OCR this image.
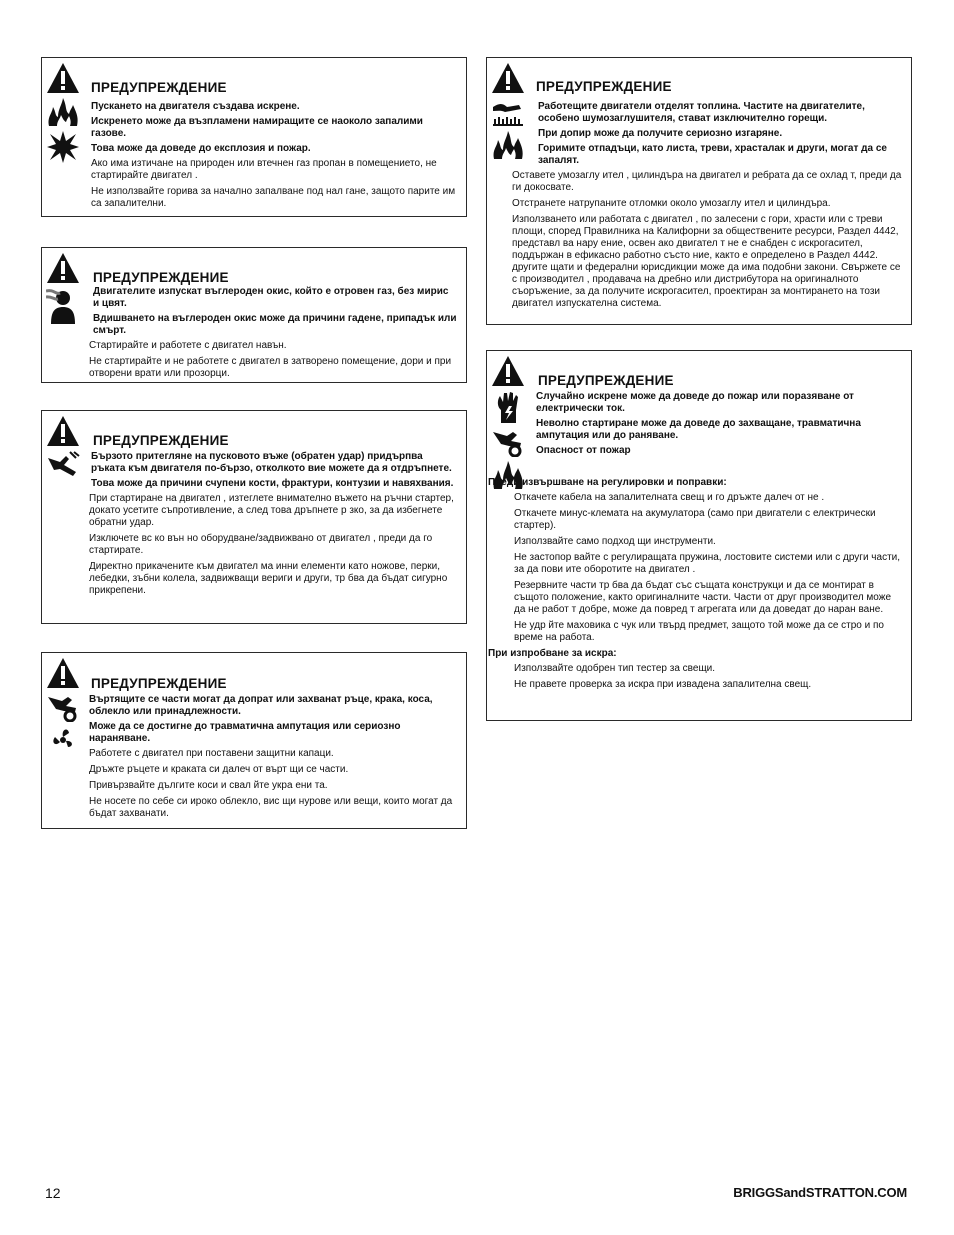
ПРЕДУПРЕЖДЕНИЕ

Пускането на двигателя създава искрене.

Искренето може да възпламени намиращите се наоколо запалими газове.

Това може да доведе до експлозия и пожар.

Ако има изтичане на природен или втечнен газ пропан в помещението, не стартирайте двигател .

Не използвайте горива за начално запалване под нал гане, защото парите им са запалителни.

ПРЕДУПРЕЖДЕНИЕ

Двигателите изпускат въглероден окис, който е отровен газ, без мирис и цвят.

Вдишването на въглероден окис може да причини гадене, припадък или смърт.

Стартирайте и работете с двигател навън.

Не стартирайте и не работете с двигател в затворено помещение, дори и при отворени врати или прозорци.

ПРЕДУПРЕЖДЕНИЕ

Бързото притегляне на пусковото въже (обратен удар) придърпва ръката към двигателя по-бързо, отколкото вие можете да я отдръпнете.

Това може да причини счупени кости, фрактури, контузии и навяхвания.

При стартиране на двигател , изтеглете внимателно въжето на ръчни стартер, докато усетите съпротивление, а след това дръпнете р зко, за да избегнете обратни удар.

Изключете вс ко вън но оборудване/задвижвано от двигател , преди да го стартирате.

Директно прикачените към двигател ма инни елементи като ножове, перки, лебедки, зъбни колела, задвижващи вериги и други, тр бва да бъдат сигурно прикрепени.

ПРЕДУПРЕЖДЕНИЕ

Въртящите се части могат да допрат или захванат ръце, крака, коса, облекло или принадлежности.

Може да се достигне до травматична ампутация или сериозно нараняване.

Работете с двигател при поставени защитни капаци.

Дръжте ръцете и краката си далеч от върт щи се части.

Привързвайте дългите коси и свал йте укра ени та.

Не носете по себе си ироко облекло, вис щи нурове или вещи, които могат да бъдат захванати.

ПРЕДУПРЕЖДЕНИЕ

Работещите двигатели отделят топлина. Частите на двигателите, особено шумозаглушителя, стават изключително горещи.

При допир може да получите сериозно изгаряне.

Горимите отпадъци, като листа, треви, храсталак и други, могат да се запалят.

Оставете умозаглу ител , цилиндъра на двигател и ребрата да се охлад т, преди да ги докосвате.

Отстранете натрупаните отломки около умозаглу ител и цилиндъра.

Използването или работата с двигател , по залесени с гори, храсти или с треви площи, според Правилника на Калифорни за обществените ресурси, Раздел 4442, представл ва нару ение, освен ако двигател т не е снабден с искрогасител, поддържан в ефикасно работно състо ние, както е определено в Раздел 4442. другите щати и федерални юрисдикции може да има подобни закони. Свържете се с производител , продавача на дребно или дистрибутора на оригиналното съоръжение, за да получите искрогасител, проектиран за монтирането на този двигател изпускателна система.

ПРЕДУПРЕЖДЕНИЕ

Случайно искрене може да доведе до пожар или поразяване от електрически ток.

Неволно стартиране може да доведе до захващане, травматична ампутация или до раняване.

Опасност от пожар

Преди извършване на регулировки и поправки:

Откачете кабела на запалителната свещ и го дръжте далеч от не .

Откачете минус-клемата на акумулатора (само при двигатели с електрически стартер).

Използвайте само подход щи инструменти.

Не застопор вайте с регулиращата пружина, лостовите системи или с други части, за да пови ите оборотите на двигател .

Резервните части тр бва да бъдат със същата конструкци и да се монтират в същото положение, както оригиналните части. Части от друг производител може да не работ т добре, може да повред т агрегата или да доведат до наран ване.

Не удр йте маховика с чук или твърд предмет, защото той може да се стро и по време на работа.

При изпробване за искра:

Използвайте одобрен тип тестер за свещи.

Не правете проверка за искра при извадена запалителна свещ.

12	BRIGGSandSTRATTON.COM
